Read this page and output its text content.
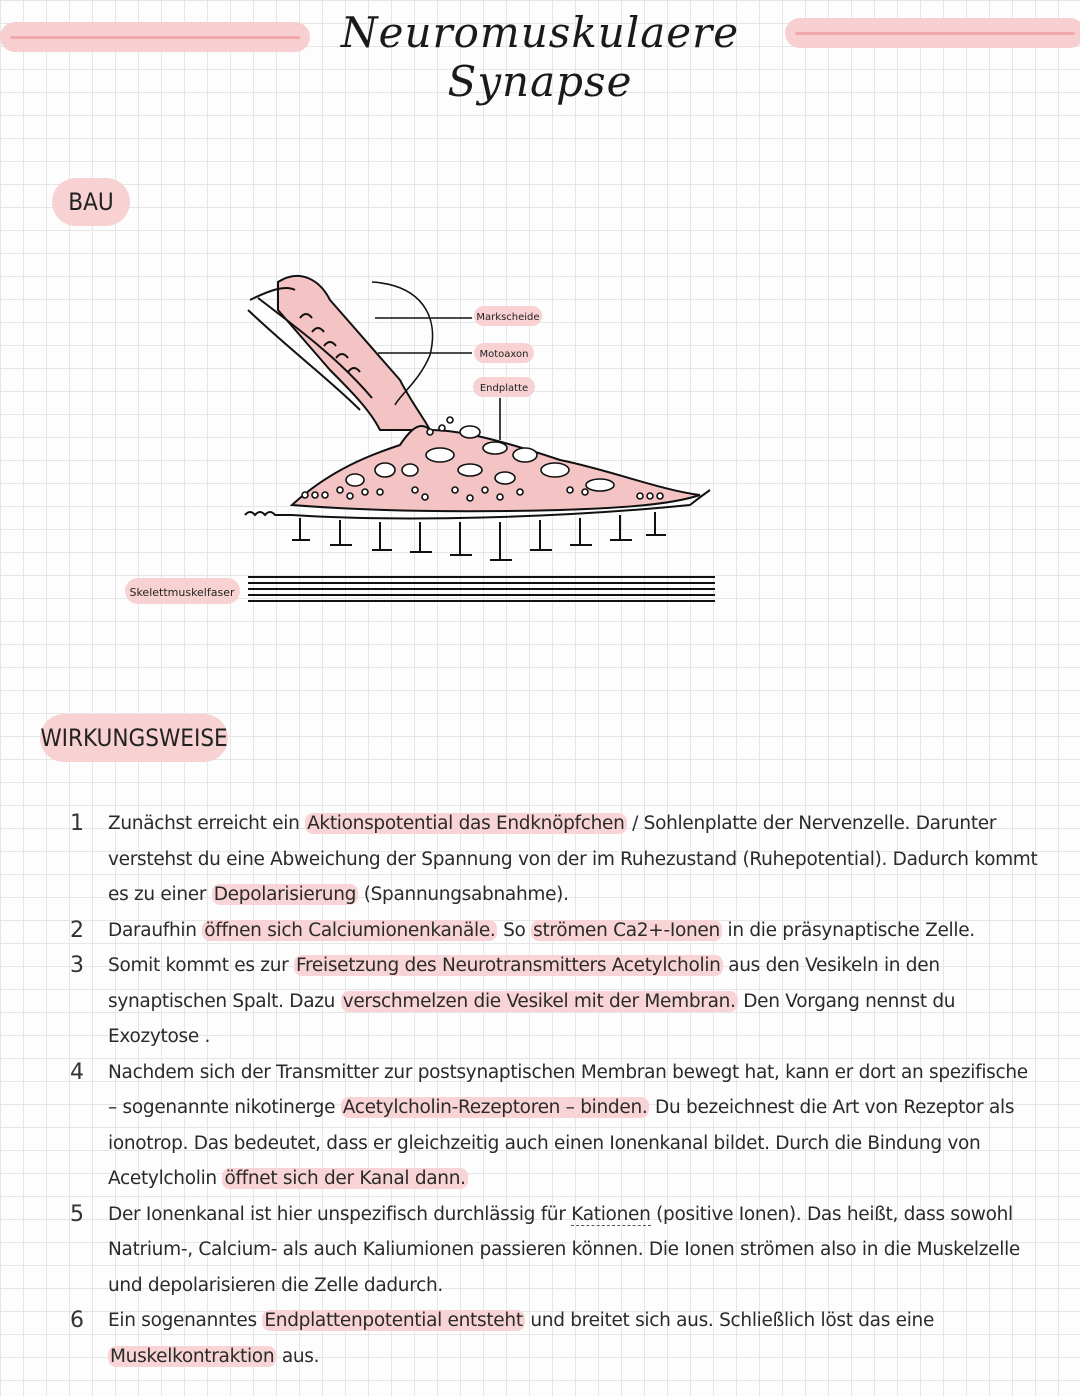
Neuromuskulaere Synapse
BAU
Markscheide
Motoaxon
Endplatte
Skelettmuskelfaser
WIRKUNGSWEISE
1 Zunächst erreicht ein Aktionspotential das Endknöpfchen / Sohlenplatte der Nervenzelle. Darunter verstehst du eine Abweichung der Spannung von der im Ruhezustand (Ruhepotential). Dadurch kommt es zu einer Depolarisierung (Spannungsabnahme).
2 Daraufhin öffnen sich Calciumionenkanäle. So strömen Ca2+-Ionen in die präsynaptische Zelle.
3 Somit kommt es zur Freisetzung des Neurotransmitters Acetylcholin aus den Vesikeln in den synaptischen Spalt. Dazu verschmelzen die Vesikel mit der Membran. Den Vorgang nennst du Exozytose .
4 Nachdem sich der Transmitter zur postsynaptischen Membran bewegt hat, kann er dort an spezifische – sogenannte nikotinerge Acetylcholin-Rezeptoren – binden. Du bezeichnest die Art von Rezeptor als ionotrop. Das bedeutet, dass er gleichzeitig auch einen Ionenkanal bildet. Durch die Bindung von Acetylcholin öffnet sich der Kanal dann.
5 Der Ionenkanal ist hier unspezifisch durchlässig für Kationen (positive Ionen). Das heißt, dass sowohl Natrium-, Calcium- als auch Kaliumionen passieren können. Die Ionen strömen also in die Muskelzelle und depolarisieren die Zelle dadurch.
6 Ein sogenanntes Endplattenpotential entsteht und breitet sich aus. Schließlich löst das eine Muskelkontraktion aus.
